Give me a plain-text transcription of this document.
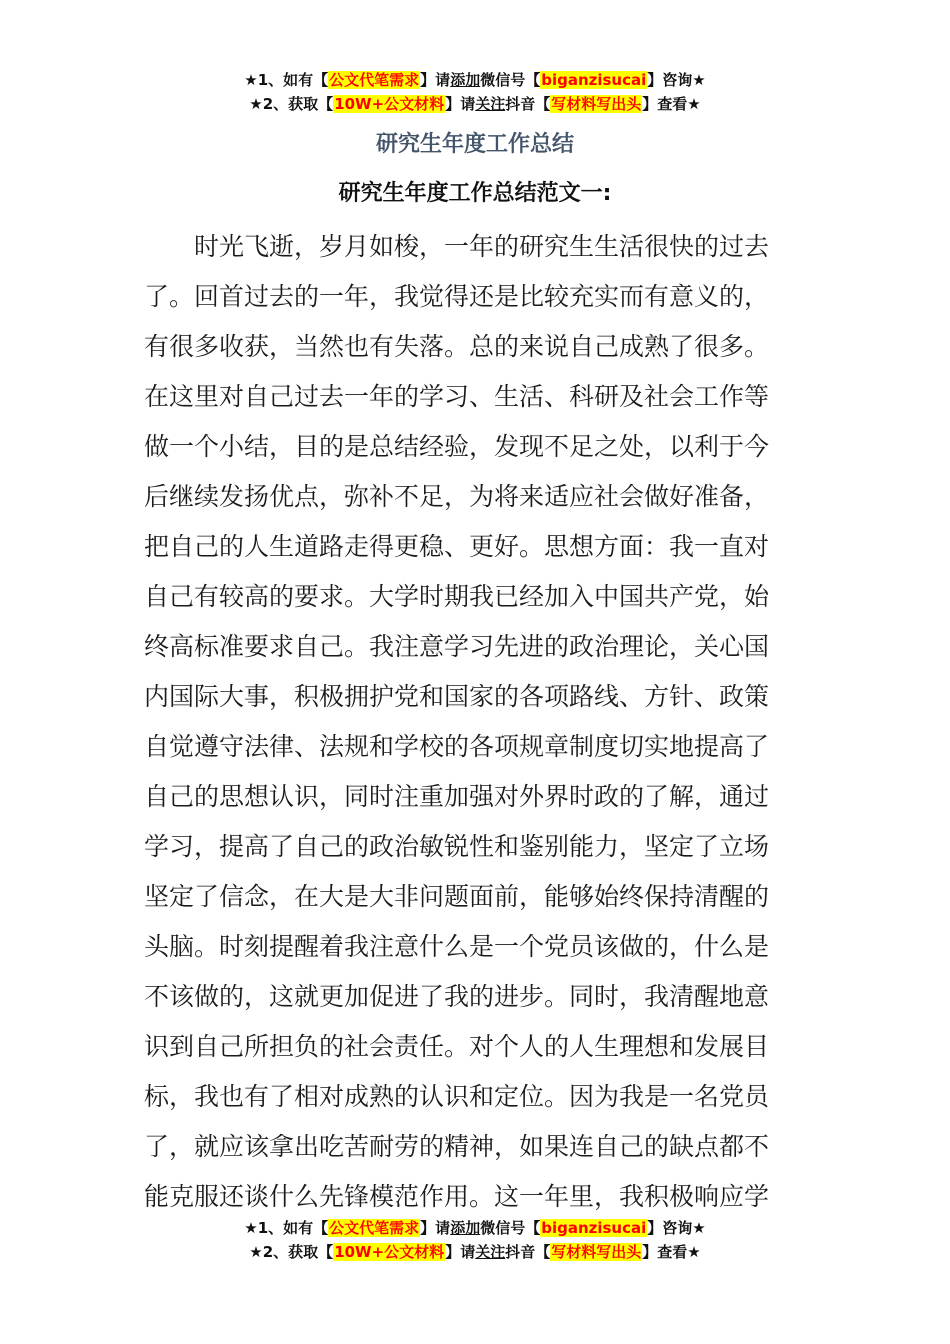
★1、如有【公文代笔需求】请添加微信号【biganzisucai】咨询★
★2、获取【10W+公文材料】请关注抖音【写材料写出头】查看★
研究生年度工作总结
研究生年度工作总结范文一:
　　时光飞逝，岁月如梭，一年的研究生生活很快的过去
了。回首过去的一年，我觉得还是比较充实而有意义的，
有很多收获，当然也有失落。总的来说自己成熟了很多。
在这里对自己过去一年的学习、生活、科研及社会工作等
做一个小结，目的是总结经验，发现不足之处，以利于今
后继续发扬优点，弥补不足，为将来适应社会做好准备，
把自己的人生道路走得更稳、更好。思想方面：我一直对
自己有较高的要求。大学时期我已经加入中国共产党，始
终高标准要求自己。我注意学习先进的政治理论，关心国
内国际大事，积极拥护党和国家的各项路线、方针、政策
自觉遵守法律、法规和学校的各项规章制度切实地提高了
自己的思想认识，同时注重加强对外界时政的了解，通过
学习，提高了自己的政治敏锐性和鉴别能力，坚定了立场
坚定了信念，在大是大非问题面前，能够始终保持清醒的
头脑。时刻提醒着我注意什么是一个党员该做的，什么是
不该做的，这就更加促进了我的进步。同时，我清醒地意
识到自己所担负的社会责任。对个人的人生理想和发展目
标，我也有了相对成熟的认识和定位。因为我是一名党员
了，就应该拿出吃苦耐劳的精神，如果连自己的缺点都不
能克服还谈什么先锋模范作用。这一年里，我积极响应学
★1、如有【公文代笔需求】请添加微信号【biganzisucai】咨询★
★2、获取【10W+公文材料】请关注抖音【写材料写出头】查看★
